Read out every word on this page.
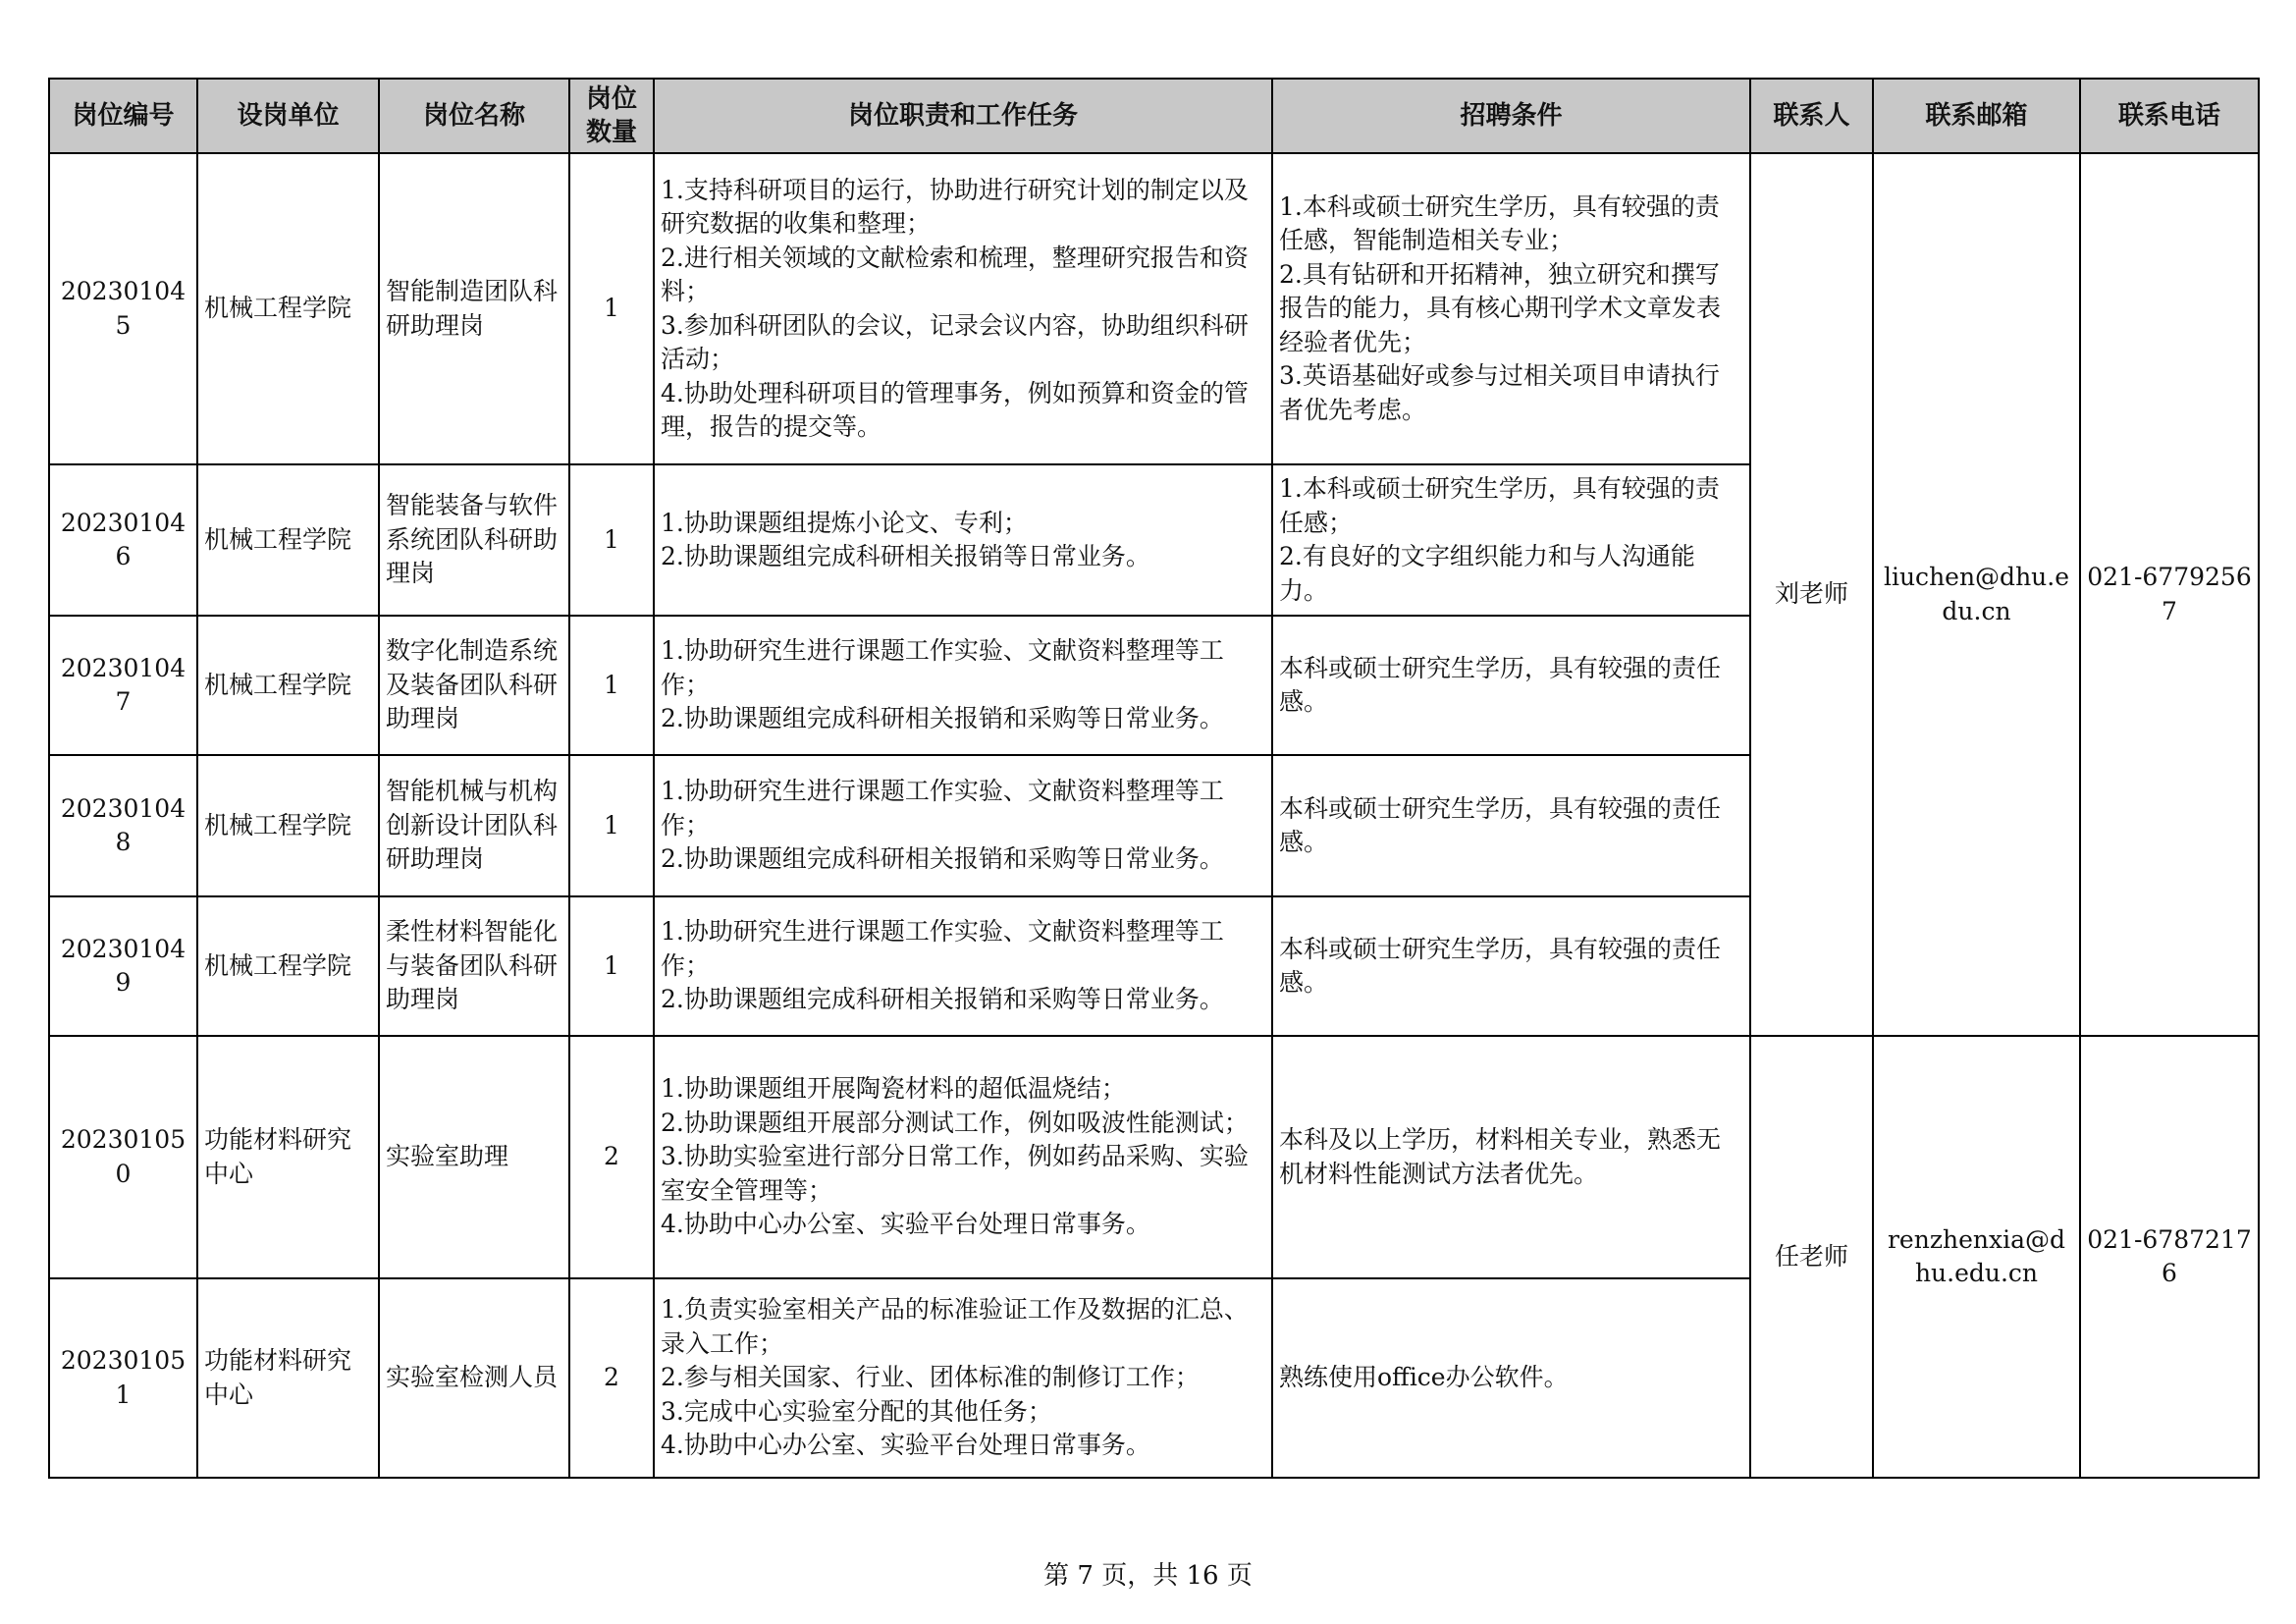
岗位编号	设岗单位	岗位名称	岗位
数量	岗位职责和工作任务	招聘条件	联系人	联系邮箱	联系电话
202301045	机械工程学院	智能制造团队科研助理岗	1	1.支持科研项目的运行，协助进行研究计划的制定以及研究数据的收集和整理；
2.进行相关领域的文献检索和梳理，整理研究报告和资料；
3.参加科研团队的会议，记录会议内容，协助组织科研活动；
4.协助处理科研项目的管理事务，例如预算和资金的管理，报告的提交等。	1.本科或硕士研究生学历，具有较强的责任感，智能制造相关专业；
2.具有钻研和开拓精神，独立研究和撰写报告的能力，具有核心期刊学术文章发表经验者优先；
3.英语基础好或参与过相关项目申请执行者优先考虑。	刘老师	liuchen@dhu.edu.cn	021-67792567
202301046	机械工程学院	智能装备与软件系统团队科研助理岗	1	1.协助课题组提炼小论文、专利；
2.协助课题组完成科研相关报销等日常业务。	1.本科或硕士研究生学历，具有较强的责任感；
2.有良好的文字组织能力和与人沟通能力。			

202301047	机械工程学院	数字化制造系统及装备团队科研助理岗	1	1.协助研究生进行课题工作实验、文献资料整理等工作；
2.协助课题组完成科研相关报销和采购等日常业务。	本科或硕士研究生学历，具有较强的责任感。			

202301048	机械工程学院	智能机械与机构创新设计团队科研助理岗	1	1.协助研究生进行课题工作实验、文献资料整理等工作；
2.协助课题组完成科研相关报销和采购等日常业务。	本科或硕士研究生学历，具有较强的责任感。			

202301049	机械工程学院	柔性材料智能化与装备团队科研助理岗	1	1.协助研究生进行课题工作实验、文献资料整理等工作；
2.协助课题组完成科研相关报销和采购等日常业务。	本科或硕士研究生学历，具有较强的责任感。			

202301050	功能材料研究中心	实验室助理	2	1.协助课题组开展陶瓷材料的超低温烧结；
2.协助课题组开展部分测试工作，例如吸波性能测试；
3.协助实验室进行部分日常工作，例如药品采购、实验室安全管理等；
4.协助中心办公室、实验平台处理日常事务。	本科及以上学历，材料相关专业，熟悉无机材料性能测试方法者优先。	任老师	renzhenxia@dhu.edu.cn	021-67872176
202301051	功能材料研究中心	实验室检测人员	2	1.负责实验室相关产品的标准验证工作及数据的汇总、录入工作；
2.参与相关国家、行业、团体标准的制修订工作；
3.完成中心实验室分配的其他任务；
4.协助中心办公室、实验平台处理日常事务。	熟练使用office办公软件。			
第 7 页，共 16 页
